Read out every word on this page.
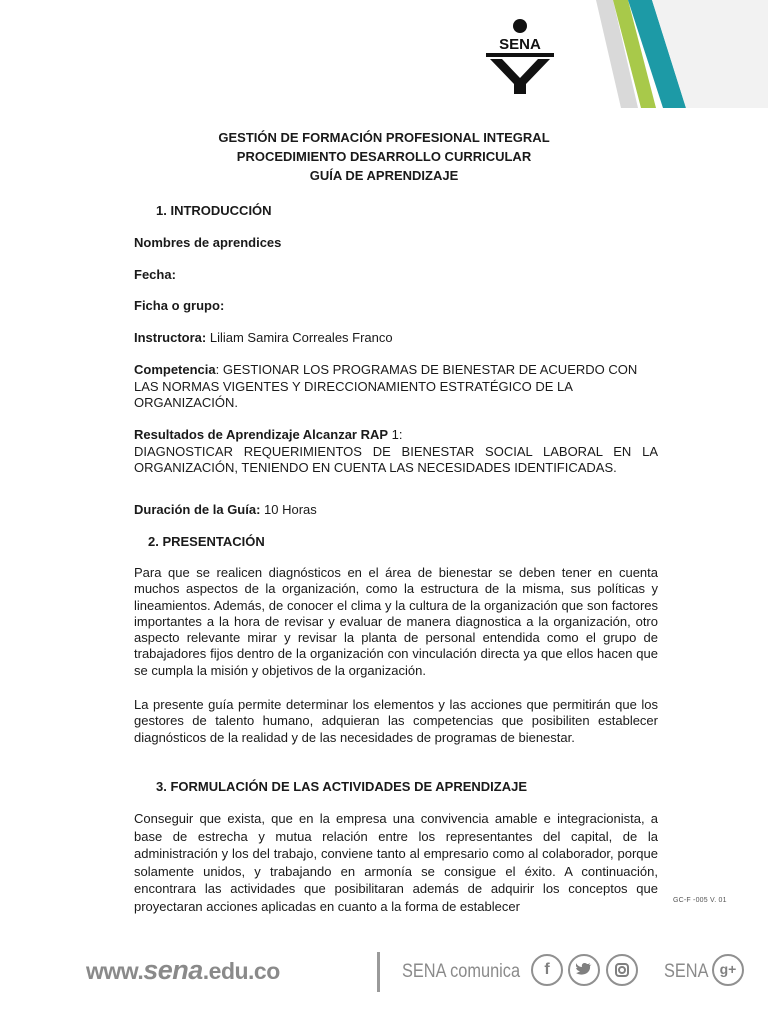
SENA
GESTIÓN DE FORMACIÓN PROFESIONAL INTEGRAL
PROCEDIMIENTO DESARROLLO CURRICULAR
GUÍA DE APRENDIZAJE
1. INTRODUCCIÓN
Nombres de aprendices
Fecha:
Ficha o grupo:
Instructora: Liliam Samira Correales Franco
Competencia: GESTIONAR LOS PROGRAMAS DE BIENESTAR DE ACUERDO CON LAS NORMAS VIGENTES Y DIRECCIONAMIENTO ESTRATÉGICO DE LA ORGANIZACIÓN.
Resultados de Aprendizaje Alcanzar RAP 1:
DIAGNOSTICAR REQUERIMIENTOS DE BIENESTAR SOCIAL LABORAL EN LA ORGANIZACIÓN, TENIENDO EN CUENTA LAS NECESIDADES IDENTIFICADAS.
Duración de la Guía: 10 Horas
2. PRESENTACIÓN
Para que se realicen diagnósticos en el área de bienestar se deben tener en cuenta muchos aspectos de la organización, como la estructura de la misma, sus políticas y lineamientos. Además, de conocer el clima y la cultura de la organización que son factores importantes a la hora de revisar y evaluar de manera diagnostica a la organización, otro aspecto relevante mirar y revisar la planta de personal entendida como el grupo de trabajadores fijos dentro de la organización con vinculación directa ya que ellos hacen que se cumpla la misión y objetivos de la organización.
La presente guía permite determinar los elementos y las acciones que permitirán que los gestores de talento humano, adquieran las competencias que posibiliten establecer diagnósticos de la realidad y de las necesidades de programas de bienestar.
3. FORMULACIÓN DE LAS ACTIVIDADES DE APRENDIZAJE
Conseguir que exista, que en la empresa una convivencia amable e integracionista, a base de estrecha y mutua relación entre los representantes del capital, de la administración y los del trabajo, conviene tanto al empresario como al colaborador, porque solamente unidos, y trabajando en armonía se consigue el éxito. A continuación, encontrara las actividades que posibilitaran además de adquirir los conceptos que proyectaran acciones aplicadas en cuanto a la forma de establecer	GC-F -005 V. 01
www.sena.edu.co	SENA comunica	f	SENA g+
